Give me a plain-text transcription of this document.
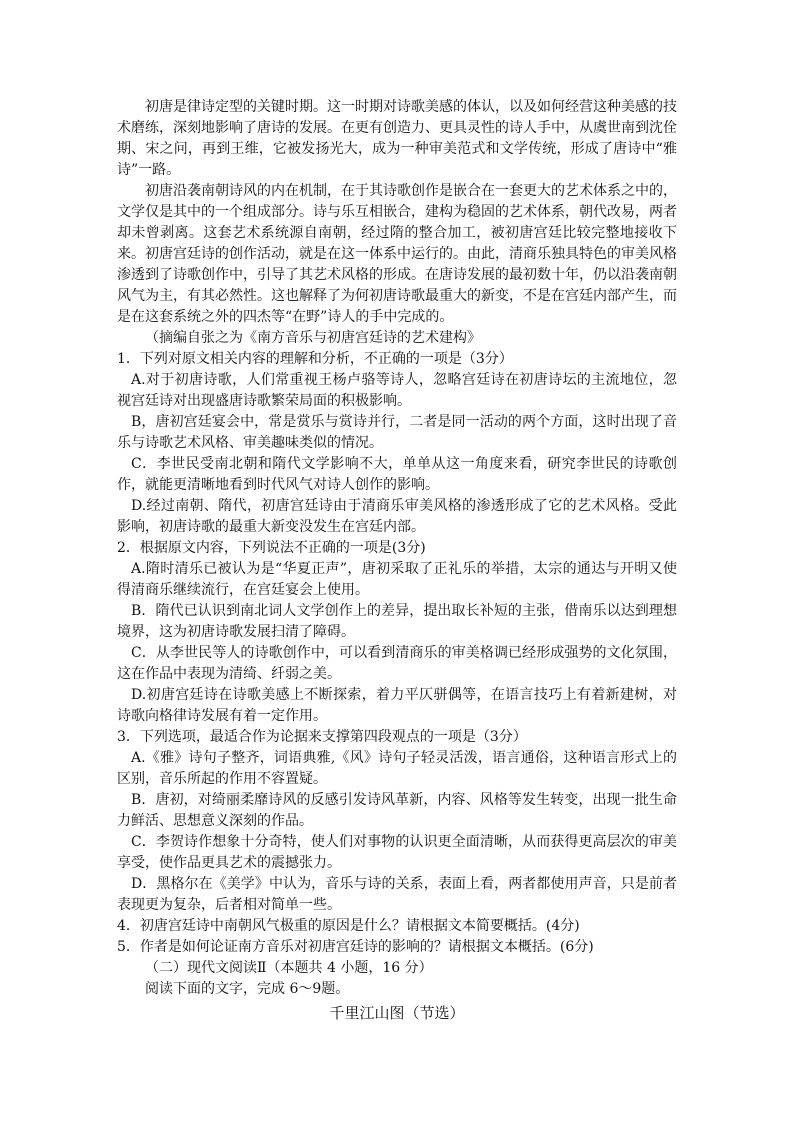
初唐是律诗定型的关键时期。这一时期对诗歌美感的体认，以及如何经营这种美感的技术磨练，深刻地影响了唐诗的发展。在更有创造力、更具灵性的诗人手中，从虞世南到沈佺期、宋之问，再到王维，它被发扬光大，成为一种审美范式和文学传统，形成了唐诗中“雅诗”一路。

初唐沿袭南朝诗风的内在机制，在于其诗歌创作是嵌合在一套更大的艺术体系之中的，文学仅是其中的一个组成部分。诗与乐互相嵌合，建构为稳固的艺术体系，朝代改易，两者却未曾剥离。这套艺术系统源自南朝，经过隋的整合加工，被初唐宫廷比较完整地接收下来。初唐宫廷诗的创作活动，就是在这一体系中运行的。由此，清商乐独具特色的审美风格渗透到了诗歌创作中，引导了其艺术风格的形成。在唐诗发展的最初数十年，仍以沿袭南朝风气为主，有其必然性。这也解释了为何初唐诗歌最重大的新变，不是在宫廷内部产生，而是在这套系统之外的四杰等“在野”诗人的手中完成的。

（摘编自张之为《南方音乐与初唐宫廷诗的艺术建构》

1．下列对原文相关内容的理解和分析，不正确的一项是（3分）

A.对于初唐诗歌，人们常重视王杨卢骆等诗人，忽略宫廷诗在初唐诗坛的主流地位，忽视宫廷诗对出现盛唐诗歌繁荣局面的积极影响。

B，唐初宫廷宴会中，常是赏乐与赏诗并行，二者是同一活动的两个方面，这时出现了音乐与诗歌艺术风格、审美趣味类似的情况。

C．李世民受南北朝和隋代文学影响不大，单单从这一角度来看，研究李世民的诗歌创作，就能更清晰地看到时代风气对诗人创作的影响。

D.经过南朝、隋代，初唐宫廷诗由于清商乐审美风格的渗透形成了它的艺术风格。受此影响，初唐诗歌的最重大新变没发生在宫廷内部。

2．根据原文内容，下列说法不正确的一项是(3分)

A.隋时清乐已被认为是“华夏正声”，唐初采取了正礼乐的举措，太宗的通达与开明又使得清商乐继续流行，在宫廷宴会上使用。

B．隋代已认识到南北词人文学创作上的差异，提出取长补短的主张，借南乐以达到理想境界，这为初唐诗歌发展扫清了障碍。

C．从李世民等人的诗歌创作中，可以看到清商乐的审美格调已经形成强势的文化氛围，这在作品中表现为清绮、纤弱之美。

D.初唐宫廷诗在诗歌美感上不断探索，着力平仄骈偶等，在语言技巧上有着新建树，对诗歌向格律诗发展有着一定作用。

3．下列选项，最适合作为论据来支撑第四段观点的一项是（3分）

A.《雅》诗句子整齐，词语典雅,《风》诗句子轻灵活泼，语言通俗，这种语言形式上的区别，音乐所起的作用不容置疑。

B．唐初，对绮丽柔靡诗风的反感引发诗风革新，内容、风格等发生转变，出现一批生命力鲜活、思想意义深刻的作品。

C．李贺诗作想象十分奇特，使人们对事物的认识更全面清晰，从而获得更高层次的审美享受，使作品更具艺术的震撼张力。

D．黑格尔在《美学》中认为，音乐与诗的关系，表面上看，两者都使用声音，只是前者表现更为复杂，后者相对简单一些。

4．初唐宫廷诗中南朝风气极重的原因是什么？请根据文本简要概括。(4分)

5．作者是如何论证南方音乐对初唐宫廷诗的影响的？请根据文本概括。(6分)

（二）现代文阅读Ⅱ（本题共 4 小题，16 分）

阅读下面的文字，完成 6～9题。

千里江山图（节选）
